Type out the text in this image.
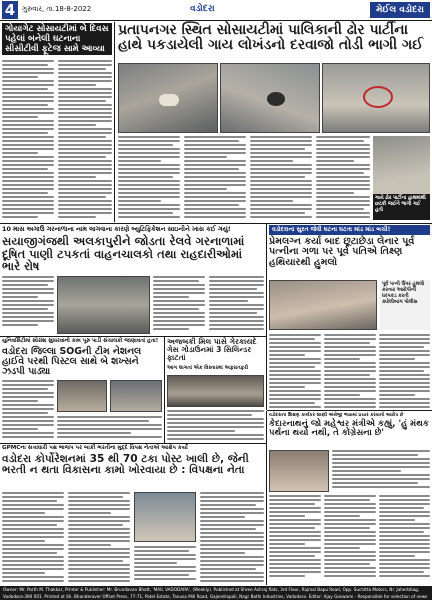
4 ગુરુવાર, તા.18-8-2022	વડોદરા	મેઈલ વડોદરા
ગોયાગેટ સોસાયટીમાં બે દિવસ પહેલાં બનેલી ઘટનાના સીસીટીવી ફૂટેજ સામે આવ્યા
પ્રતાપનગર સ્થિત સોસાયટીમાં પાલિકાની ઢોર પાર્ટીના હાથે પકડાયેલી ગાય લોખંડનો દરવાજો તોડી ભાગી ગઈ
ગાયે ઢોર પાર્ટીના હાથમાંથી છટકી જઈને ભાગી ગઈ હતી
10 માસ અગાઉ ગરનાળાના નામ લાગવાના કારણે બ્યુટિફિકેશન સાઇનીને ખાસ કઈ ગયું!
સયાજીગંજથી અલકાપુરીને જોડતા રેલવે ગરનાળામાં દૂષિત પાણી ટપકતાં વાહનચાલકો તથા રાહદારીઓમાં ભારે રોષ
વડોદરાના સુરત જેવી ઘટના ઘટતા માંડ માંડ બચી!
પ્રેમલગ્ન કર્યા બાદ છૂટાછેડા લેનાર પૂર્વ પત્નીના ગળા પર પૂર્વ પતિએ તિક્ષ્ણ હથિયારથી હુમલો
પૂર્વ પત્ની ઉપર હુમલો કરનાર આરોપીની ધરપકડ કરતી કારેલીબાગ પોલીસ
યુનિવર્સિટીમાં સોરાંશ સુધારવાનો કામ પૂરુ પાડી સંચાલકો જાણાવતાં હતા!
વડોદરા જિલ્લા SOGની ટીમ નેશનલ હાઈવે પરથી પિસ્ટલ સાથે બે શખ્સને ઝડપી પાડ્યા
અજબકી મિલ પાસે ગેરકાયદે ગેસ ગોડાઉનમાં 3 સિલિન્ડર ફાટતાં
આગ લાગતાં એક વિસ્તારમાં અફરાતફરી
વડોદરાના શિક્ષણ કાર્યકર શાસ્ત્રી અંગ્રેજી ભાષામાં પ્રચાર કરવાનો આરોપ છે
કેદારનાથનું જો મહેશ્વર મંત્રીએ કહ્યું, 'હું મંથક પર્થના થયો નથી, તે કોંગ્રેસના છે'
GPMCના સત્તાધારી પક્ષ ભાજપ પર બાકી ભરતીના મુદ્દે વિપક્ષ નેતાએ આક્ષેપ કર્યો
વડોદરા કોર્પોરેશનમાં 35 થી 70 ટકા પોસ્ટ ખાલી છે, જેની ભરતી ન થતા વિકાસના કામો ખોરવાયા છે : વિપક્ષના નેતા
Owner: Mr. Parth M. Thakkar, Printer & Publisher: Mr. Brundavan Bhatt, 'MAIL VADODARA', (Weekly). Published at Shree Ashraj flats, 3rd Floor, Rajmal Bapu Road, Opp. Suchitta Motors, Nr. Jaherbhag, Vadodara-390 001. Printed at Sh. Bhanderaver Offset Press, 77-71, Patel Estate, Tanusa Mill Road, Gajendrapali, Nagr Bathi Industries, Vadodara. Editor: Ajay Goswami - Responsible for selection of news under PRB Act.
